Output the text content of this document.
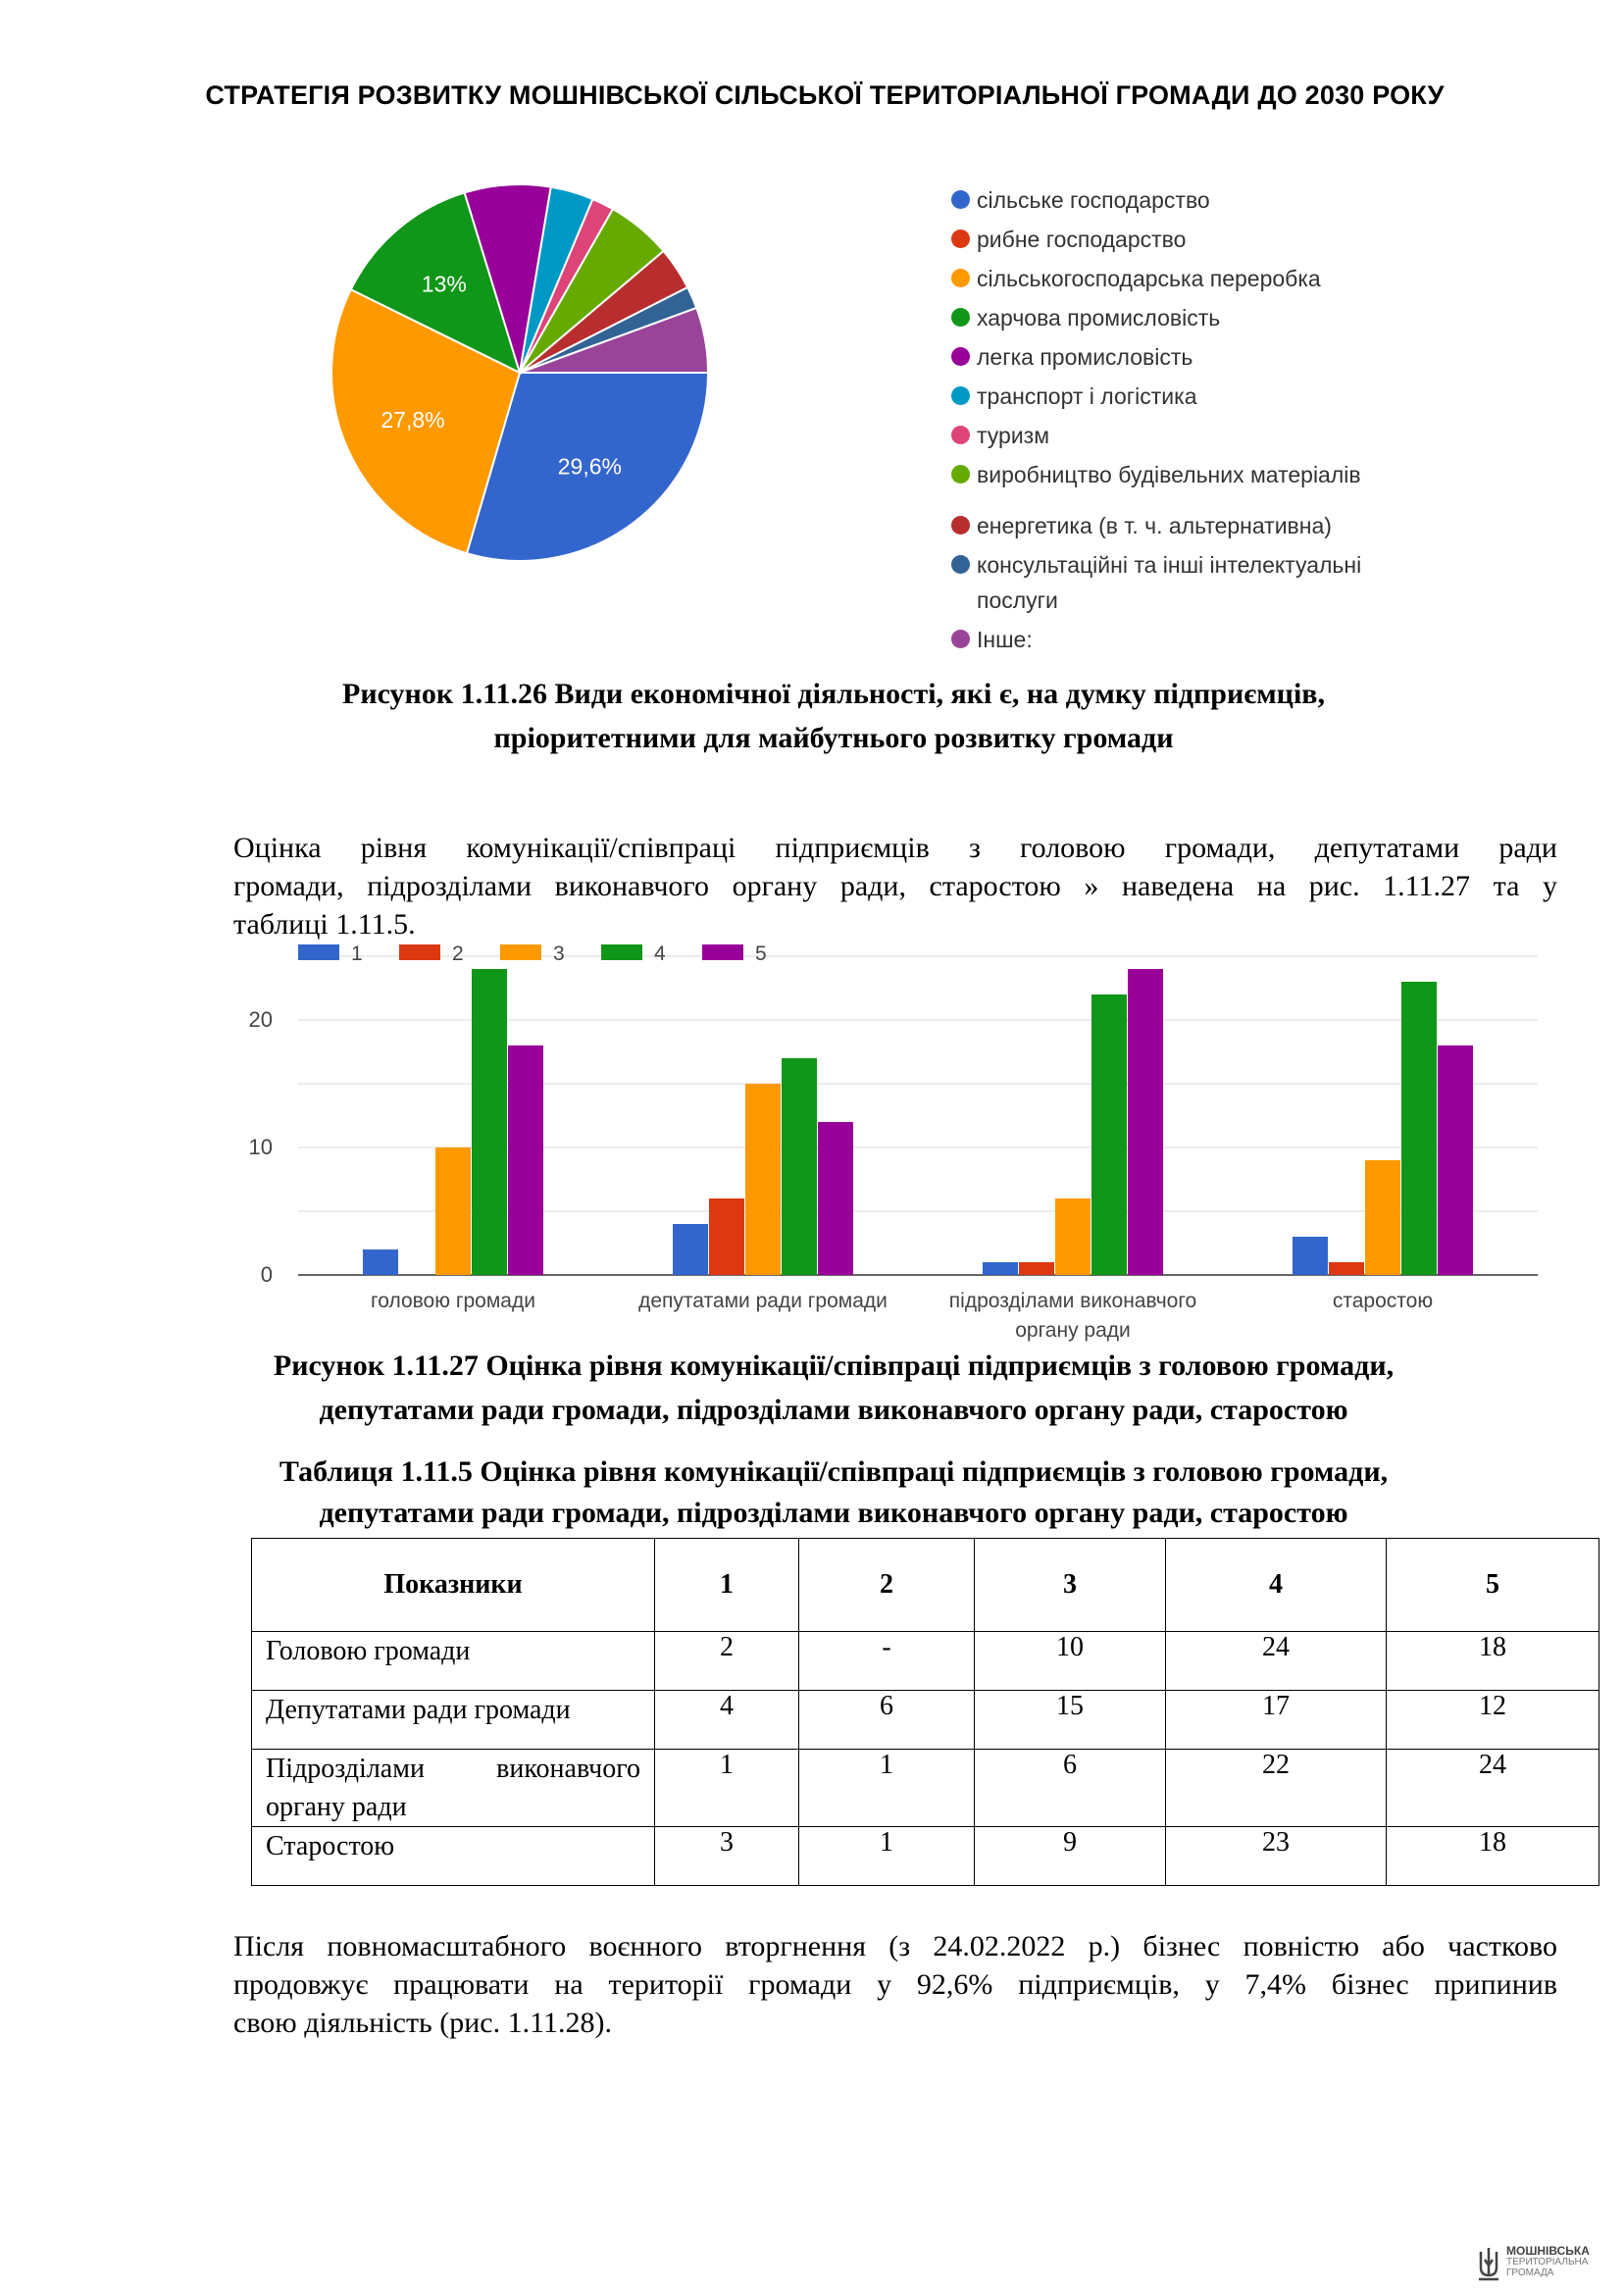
СТРАТЕГІЯ РОЗВИТКУ МОШНІВСЬКОЇ СІЛЬСЬКОЇ ТЕРИТОРІАЛЬНОЇ ГРОМАДИ ДО 2030 РОКУ
29,6%
27,8%
13%
сільське господарство
рибне господарство
сільськогосподарська переробка
харчова промисловість
легка промисловість
транспорт і логістика
туризм
виробництво будівельних матеріалів
енергетика (в т. ч. альтернативна)
консультаційні та інші інтелектуальні
послуги
Інше:
Рисунок 1.11.26 Види економічної діяльності, які є, на думку підприємців,
пріоритетними для майбутнього розвитку громади
Оцінка рівня комунікації/співпраці підприємців з головою громади, депутатами ради
громади, підрозділами виконавчого органу ради, старостою » наведена на рис. 1.11.27 та у
таблиці 1.11.5.
0
10
20
головою громади	депутатами ради громади	підрозділами виконавчого
органу ради
старостою
1	2	3	4	5
Рисунок 1.11.27 Оцінка рівня комунікації/співпраці підприємців з головою громади,
депутатами ради громади, підрозділами виконавчого органу ради, старостою
Таблиця 1.11.5 Оцінка рівня комунікації/співпраці підприємців з головою громади,
депутатами ради громади, підрозділами виконавчого органу ради, старостою
Показники	1	2	3	4	5
Головою громади	2	-	10	24	18
Депутатами ради громади	4	6	15	17	12

Підрозділами виконавчого
органу ради	1	1	6	22	24
Старостою	3	1	9	23	18
Після повномасштабного воєнного вторгнення (з 24.02.2022 р.) бізнес повністю або частково
продовжує працювати на території громади у 92,6% підприємців, у 7,4% бізнес припинив
свою діяльність (рис. 1.11.28).
МОШНІВСЬКА
ТЕРИТОРІАЛЬНА
ГРОМАДА
